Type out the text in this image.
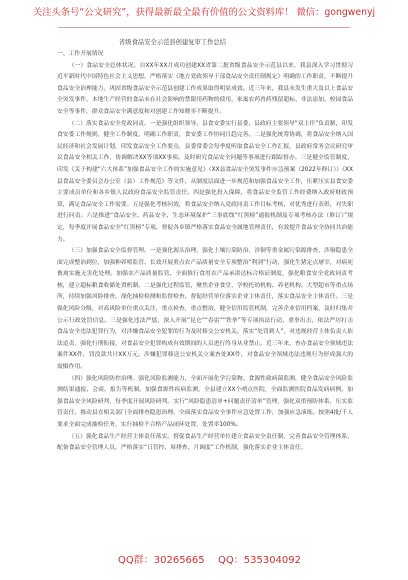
关注头条号“公文研究”，获得最新最全最有价值的公文资料库！ 微信：gongwenyj

省级食品安全示范县创建复审工作总结

一、工作开展情况

（一）食品安全总体状况。自XX年XX月成功创建XX省第二批省级食品安全示范县以来，我县深入学习贯彻习近平新时代中国特色社会主义思想，严格落实《地方党政领导干部食品安全责任制规定》明确的工作职责，不断提升食品安全治理能力，巩固省级食品安全示范县创建工作成果取得明显成效。近三年来，我县未发生重大及以上食品安全突发事件，本地生产经营的食品未在社会影响的禁限用药物的使用，家寓农药兽药残留超标、非法添加、校园食品安全等事件，群众食品安全满意度和对创建工作知晓率不断提升。

（二）落实食品安全党政同责。一是强化组织领导，县食安委实行县委、县政府主要领导“双主任”负责制，印发食安委工作规则，健全工作制度，明确工作职责，食安委工作协同日趋完善。二是强化统筹协调，将食品安全纳入国民经济和社会发展计划，印发食品安全工作要点，县委常委会每季度听取食品安全工作汇报，县政府常务会议研究审议食品安全相关工作，协调解决XX等项XX事项。及时研究食品安全问题等事项进行跟踪督办。三是健全监管制度，印发《关于构建“六大体系”加强食品安全工作的实施意见》（XX县食品安全突发事件应急预案（2022年修订））《XX县食品安全委员会办公室（县）工作规范》等文件，从制度层面进一步规范和加强食品安全工作，压紧压实县食安委主要成员单位和各乡镇人民政府食品安全监管责任。四是强化投入保障，将食品安全监管工作经费纳入政府财政预算，满足食品安全工作需要。五是强化考核问效，将食品安全纳入党政同责工作目标考核，对优秀进行表彰，对失职进行问责。六是推进“食品安全、药品安全、生态环境保护”三事底线“红黑榜”通报机制及专项考核办法（修订）”规定，每季度开展食品安全“红黑榜”专项、督促各乡镇严格落实食品安全属地管理责任，有效提升食品安全协同共治能力。

（三）加强食品安全监督管理。一是强化源头治理，强化土壤污染防治，涉铜等重金属污染源排查、涉铜隐患全面完成整治到位，加强种养殖监管、长效开展重点农产品质量安全专项整治“利剑”行动，强化生猪定点屠宰，对病死畜禽实施无害化处理。加强农产品质量监管、全面推行食用农产品承诺达标合格证制度，强化粮食安全党政同责考核，建立超标粮食收储处置机制。二是强化过程监管，聚焦企业食堂、学校托幼机构、养老机构、大型超市等重点场所，持续加强风险排查，深化抽检检测和监督检查，督促经营单位落实企业主体责任，落实食品安全主体责任。三是强化风险分级，对高风险单位重点关注，重点检查，重点整治，健全信用监管机制，完善企业信用档案，及时归集并公示行政处罚信息。三是强化违法严惩，深入开展“昆仑”“春雷”“铁拳”等专项执法行动，重拳出击，依法严厉打击食品安全违法犯罪行为，对涉嫌食品安全犯罪的行为及时移交公安机关。落实“处罚到人”，对违规经营主体负责人依法追责，强化行刑衔接，对食品安全犯罪构成有效期间的人员进行终身从业禁止。近三年来，查办食品安全领域违法案件XX件，罚没款共计XX万元，涉嫌犯罪移送公安机关立案查处XX件，对食品安全领域违法违规行为形成强大的震慑作用。

（四）强化风险防控治理。强化风险监测能力，全面开展化学污染物、食源性致病菌监测，健全食品安全风险监测结果通报、会商、报告等机制。加强食源性疾病监测，全县建立XX个哨点医院，全面监测医院食品发病病例。加强食品安全风险研判，每季度开展风险研判。实行“风险隐患清单+问题责任清单”管理，强化双重预防体系，压实监管责任，推动县直相关部门全面排查隐患治理。全面落实食品安全事件应急处置工作，加强应急演练。按照4批/千人要求全面完成抽检任务，实行抽检不合格产品闭环处置，处置率100%。

（五）强化食品生产经营主体责任落实。督促食品生产经营单位建立食品安全责任制，完善食品安全管理体系，配备食品安全管理人员，严格落实“日管控、周排查、月调度”工作机制，强化落实企业主体责任。

QQ群：30265665 QQ：535304092
